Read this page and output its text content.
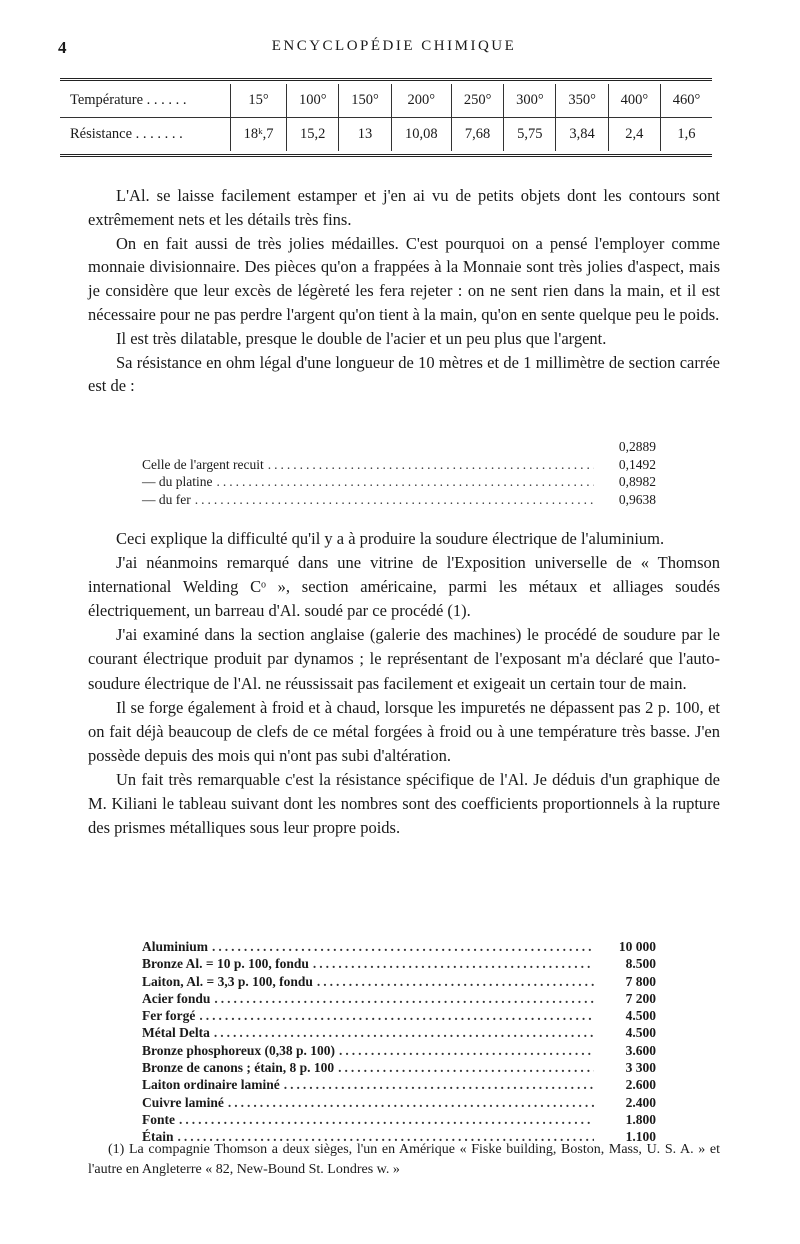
4	ENCYCLOPÉDIE CHIMIQUE
Température . . . . . .	15°	100°	150°	200°	250°	300°	350°	400°	460°
Résistance . . . . . . .	18ᵏ,7	15,2	13	10,08	7,68	5,75	3,84	2,4	1,6

L'Al. se laisse facilement estamper et j'en ai vu de petits objets dont les contours sont extrêmement nets et les détails très fins.

On en fait aussi de très jolies médailles. C'est pourquoi on a pensé l'employer comme monnaie divisionnaire. Des pièces qu'on a frappées à la Monnaie sont très jolies d'aspect, mais je considère que leur excès de légèreté les fera rejeter : on ne sent rien dans la main, et il est nécessaire pour ne pas perdre l'argent qu'on tient à la main, qu'on en sente quelque peu le poids.

Il est très dilatable, presque le double de l'acier et un peu plus que l'argent.

Sa résistance en ohm légal d'une longueur de 10 mètres et de 1 millimètre de section carrée est de :

0,2889
Celle de l'argent recuit .....	0,1492
— du platine .....	0,8982
— du fer .....	0,9638

Ceci explique la difficulté qu'il y a à produire la soudure électrique de l'aluminium.

J'ai néanmoins remarqué dans une vitrine de l'Exposition universelle de « Thomson international Welding Cᵒ », section américaine, parmi les métaux et alliages soudés électriquement, un barreau d'Al. soudé par ce procédé (1).

J'ai examiné dans la section anglaise (galerie des machines) le procédé de soudure par le courant électrique produit par dynamos ; le représentant de l'exposant m'a déclaré que l'auto-soudure électrique de l'Al. ne réussissait pas facilement et exigeait un certain tour de main.

Il se forge également à froid et à chaud, lorsque les impuretés ne dépassent pas 2 p. 100, et on fait déjà beaucoup de clefs de ce métal forgées à froid ou à une température très basse. J'en possède depuis des mois qui n'ont pas subi d'altération.

Un fait très remarquable c'est la résistance spécifique de l'Al. Je déduis d'un graphique de M. Kiliani le tableau suivant dont les nombres sont des coefficients proportionnels à la rupture des prismes métalliques sous leur propre poids.

Aluminium .....	10 000
Bronze Al. = 10 p. 100, fondu .....	8.500
Laiton, Al. = 3,3 p. 100, fondu .....	7 800
Acier fondu .....	7 200
Fer forgé .....	4.500
Métal Delta .....	4.500
Bronze phosphoreux (0,38 p. 100) .....	3.600
Bronze de canons ; étain, 8 p. 100 .....	3 300
Laiton ordinaire laminé .....	2.600
Cuivre laminé .....	2.400
Fonte .....	1.800
Étain .....	1.100

(1) La compagnie Thomson a deux sièges, l'un en Amérique « Fiske building, Boston, Mass, U. S. A. » et l'autre en Angleterre « 82, New-Bound St. Londres w. »
